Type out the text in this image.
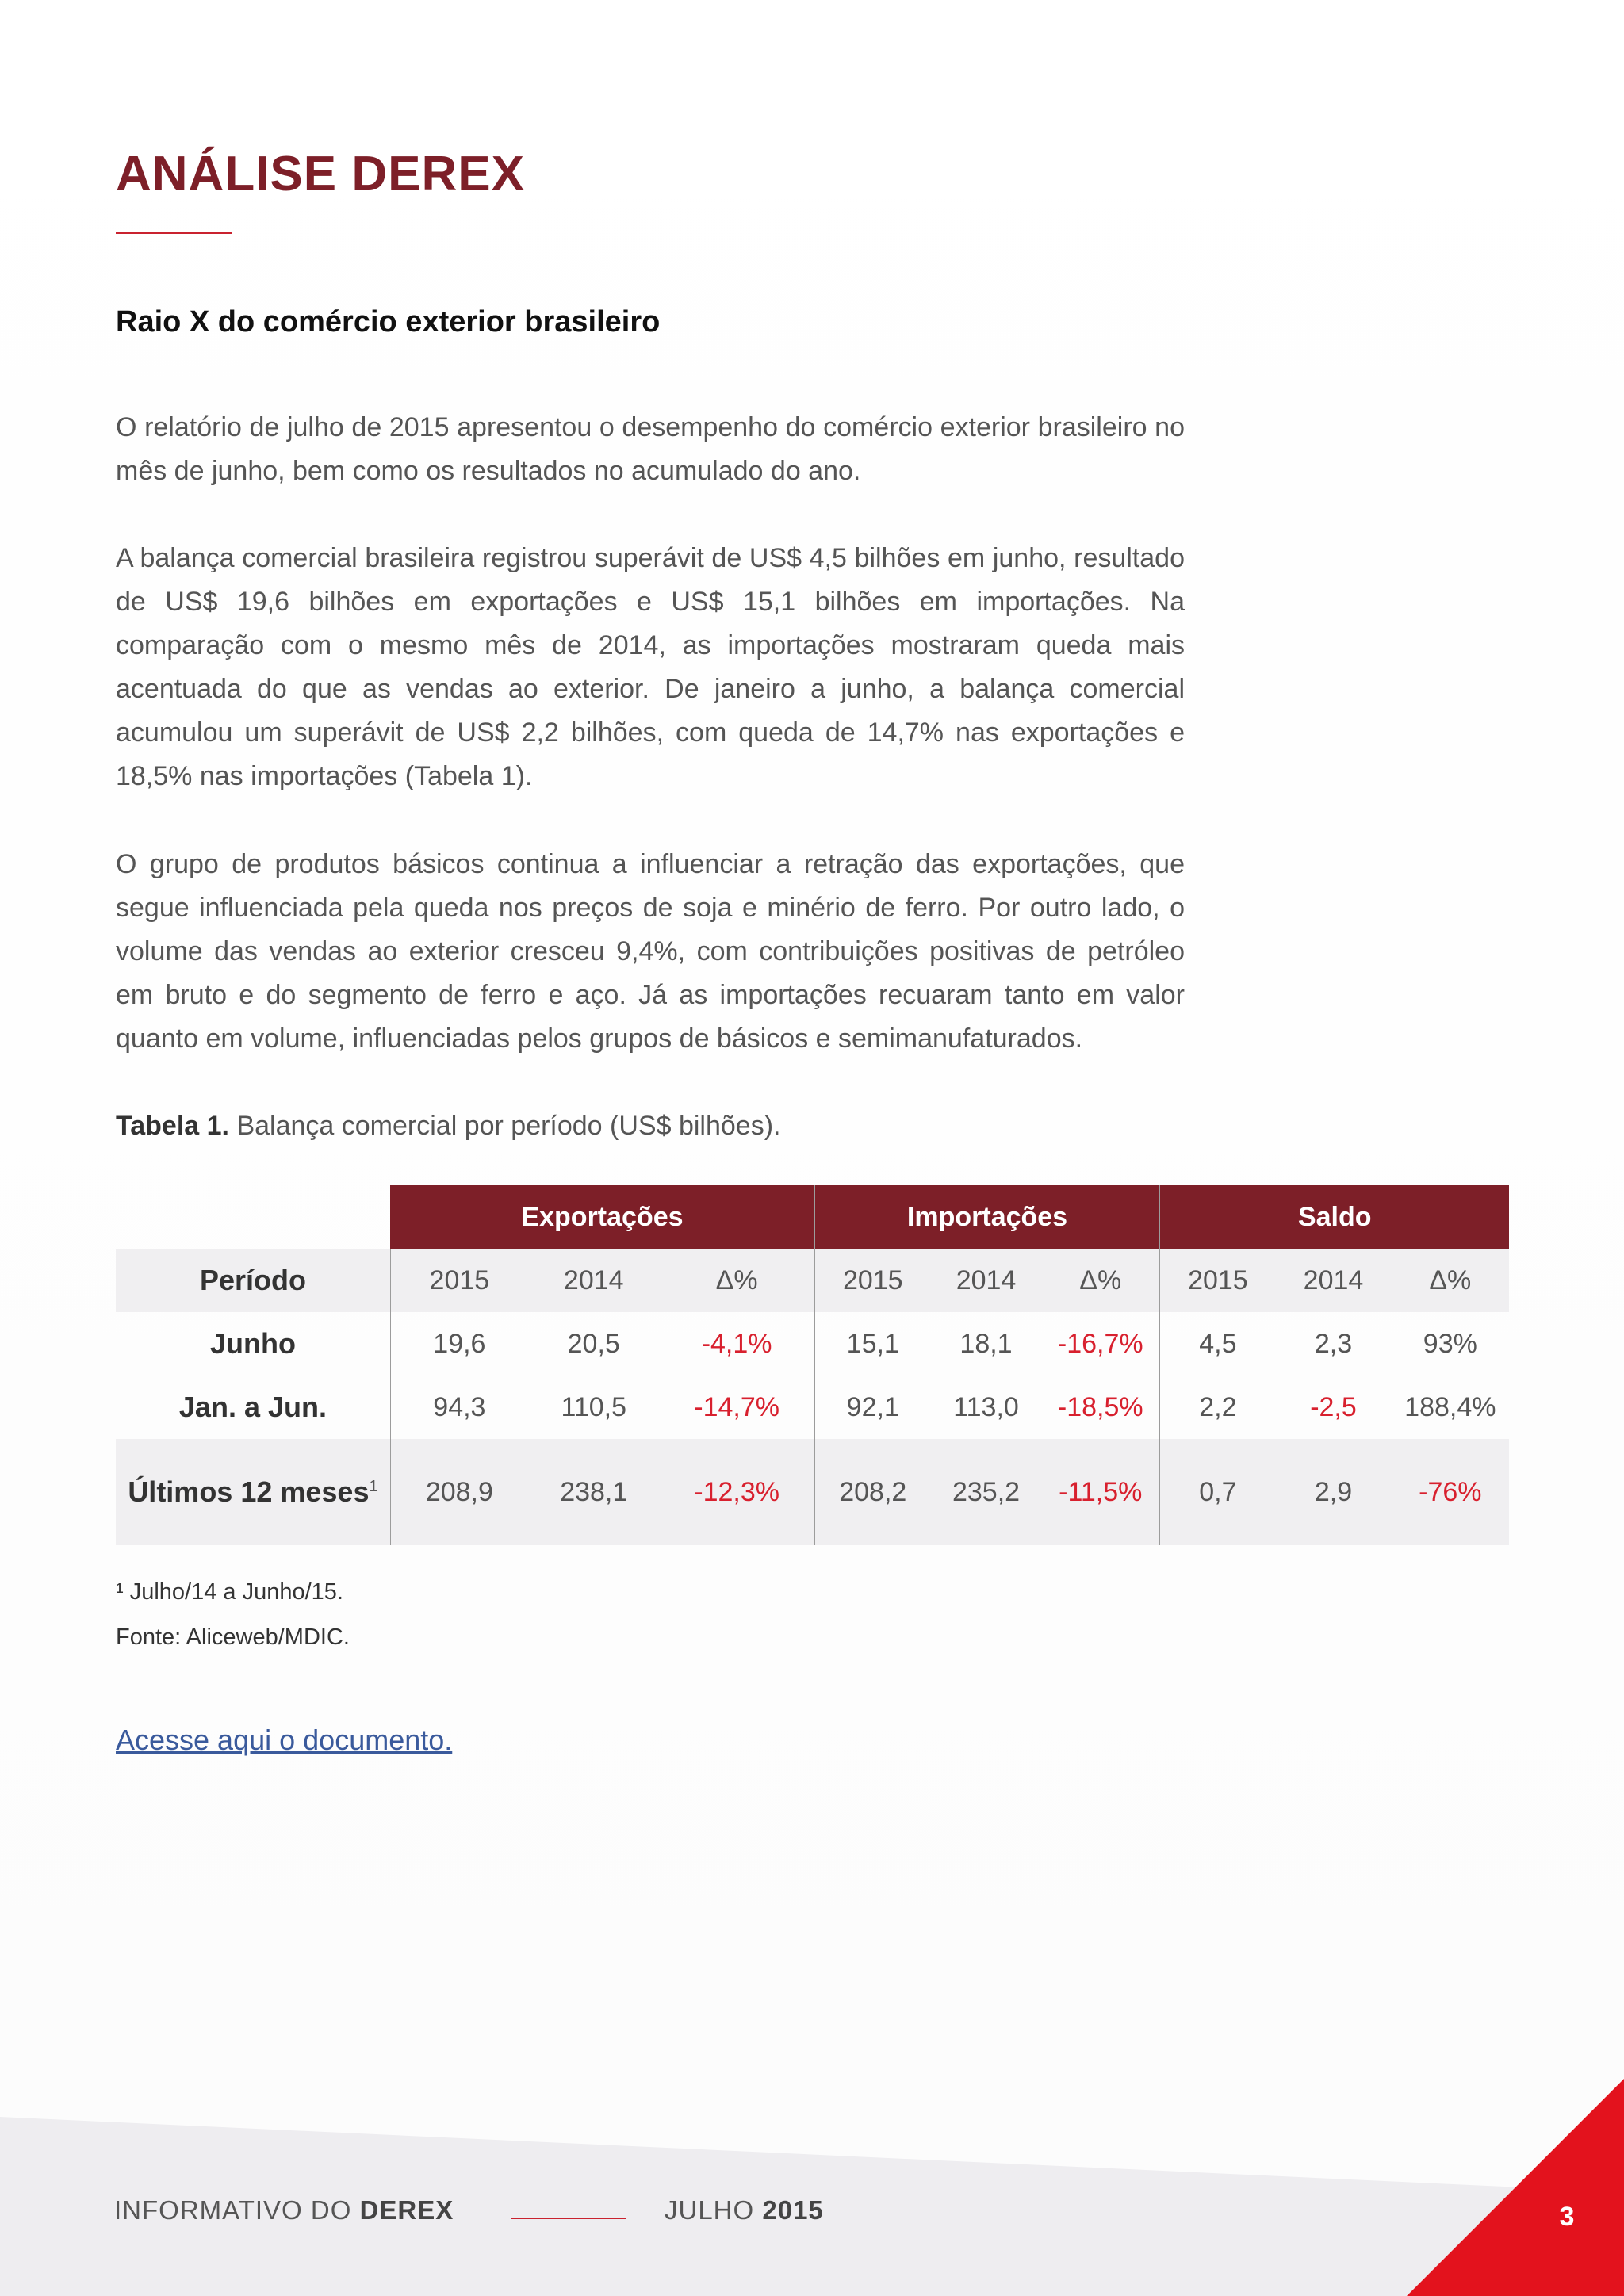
ANÁLISE DEREX
Raio X do comércio exterior brasileiro

O relatório de julho de 2015 apresentou o desempenho do comércio exterior brasileiro no mês de junho, bem como os resultados no acumulado do ano.

A balança comercial brasileira registrou superávit de US$ 4,5 bilhões em junho, resultado de US$ 19,6 bilhões em exportações e US$ 15,1 bilhões em importações. Na comparação com o mesmo mês de 2014, as importações mostraram queda mais acentuada do que as vendas ao exterior. De janeiro a junho, a balança comercial acumulou um superávit de US$ 2,2 bilhões, com queda de 14,7% nas exportações e 18,5% nas importações (Tabela 1).

O grupo de produtos básicos continua a influenciar a retração das exportações, que segue influenciada pela queda nos preços de soja e minério de ferro. Por outro lado, o volume das vendas ao exterior cresceu 9,4%, com contribuições positivas de petróleo em bruto e do segmento de ferro e aço. Já as importações recuaram tanto em valor quanto em volume, influenciadas pelos grupos de básicos e semimanufaturados.

Tabela 1. Balança comercial por período (US$ bilhões).

	Exportações			Importações			Saldo		
Período	2015	2014	Δ%	2015	2014	Δ%	2015	2014	Δ%
Junho	19,6	20,5	-4,1%	15,1	18,1	-16,7%	4,5	2,3	93%
Jan. a Jun.	94,3	110,5	-14,7%	92,1	113,0	-18,5%	2,2	-2,5	188,4%
Últimos 12 meses$^1$	208,9	238,1	-12,3%	208,2	235,2	-11,5%	0,7	2,9	-76%

¹ Julho/14 a Junho/15.

Fonte: Aliceweb/MDIC.

Acesse aqui o documento.

INFORMATIVO DO DEREX	JULHO 2015	3
